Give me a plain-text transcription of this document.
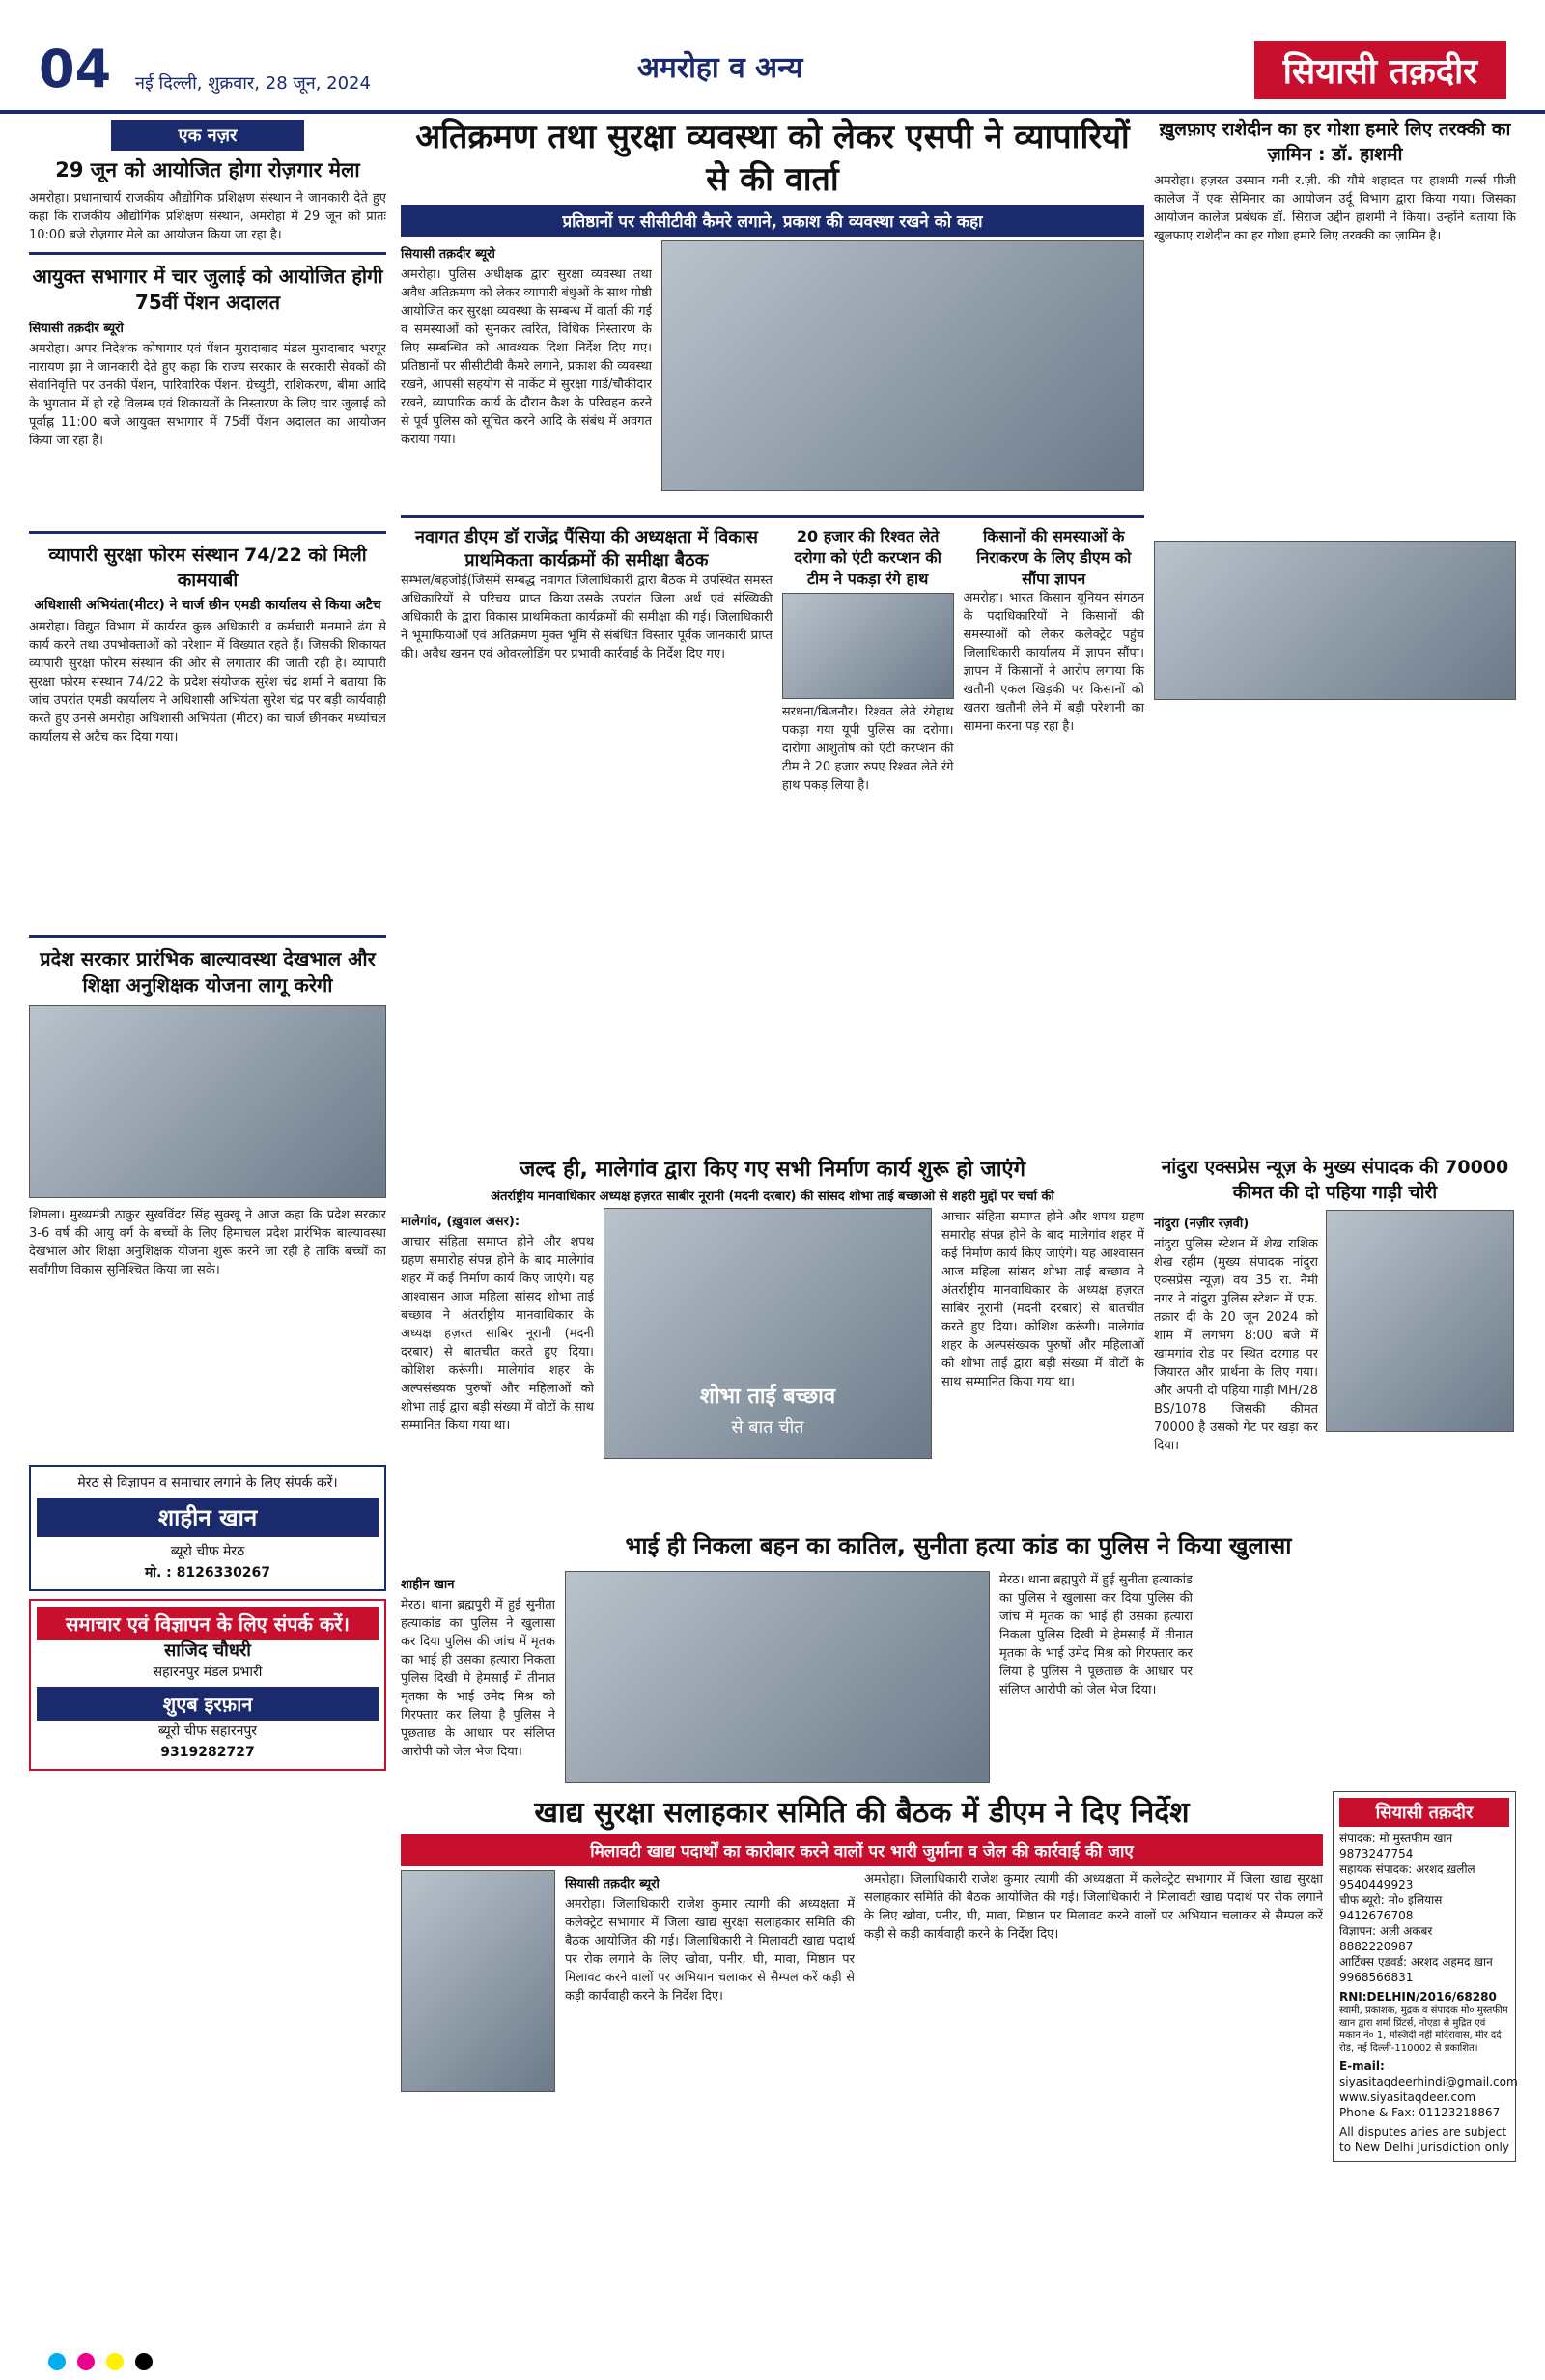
04 नई दिल्ली, शुक्रवार, 28 जून, 2024	अमरोहा व अन्य	सियासी तक़दीर
एक नज़र
29 जून को आयोजित होगा रोज़गार मेला
अमरोहा। प्रधानाचार्य राजकीय औद्योगिक प्रशिक्षण संस्थान ने जानकारी देते हुए कहा कि राजकीय औद्योगिक प्रशिक्षण संस्थान, अमरोहा में 29 जून को प्रातः 10:00 बजे रोज़गार मेले का आयोजन किया जा रहा है।
आयुक्त सभागार में चार जुलाई को आयोजित होगी 75वीं पेंशन अदालत
सियासी तक़दीर ब्यूरो
अमरोहा। अपर निदेशक कोषागार एवं पेंशन मुरादाबाद मंडल मुरादाबाद भरपूर नारायण झा ने जानकारी देते हुए कहा कि राज्य सरकार के सरकारी सेवकों की सेवानिवृत्ति पर उनकी पेंशन, पारिवारिक पेंशन, ग्रेच्युटी, राशिकरण, बीमा आदि के भुगतान में हो रहे विलम्ब एवं शिकायतों के निस्तारण के लिए चार जुलाई को पूर्वाह्न 11:00 बजे आयुक्त सभागार में 75वीं पेंशन अदालत का आयोजन किया जा रहा है।
व्यापारी सुरक्षा फोरम संस्थान 74/22 को मिली कामयाबी
अधिशासी अभियंता(मीटर) ने चार्ज छीन एमडी कार्यालय से किया अटैच
अमरोहा। विद्युत विभाग में कार्यरत कुछ अधिकारी व कर्मचारी मनमाने ढंग से कार्य करने तथा उपभोक्ताओं को परेशान में विख्यात रहते हैं। जिसकी शिकायत व्यापारी सुरक्षा फोरम संस्थान की ओर से लगातार की जाती रही है। व्यापारी सुरक्षा फोरम संस्थान 74/22 के प्रदेश संयोजक सुरेश चंद्र शर्मा ने बताया कि जांच उपरांत एमडी कार्यालय ने अधिशासी अभियंता सुरेश चंद्र पर बड़ी कार्यवाही करते हुए उनसे अमरोहा अधिशासी अभियंता (मीटर) का चार्ज छीनकर मध्यांचल कार्यालय से अटैच कर दिया गया।
प्रदेश सरकार प्रारंभिक बाल्यावस्था देखभाल और शिक्षा अनुशिक्षक योजना लागू करेगी
शिमला। मुख्यमंत्री ठाकुर सुखविंदर सिंह सुक्खू ने आज कहा कि प्रदेश सरकार 3-6 वर्ष की आयु वर्ग के बच्चों के लिए हिमाचल प्रदेश प्रारंभिक बाल्यावस्था देखभाल और शिक्षा अनुशिक्षक योजना शुरू करने जा रही है ताकि बच्चों का सर्वांगीण विकास सुनिश्चित किया जा सके।
मेरठ से विज्ञापन व समाचार लगाने के लिए संपर्क करें।
शाहीन खान
ब्यूरो चीफ मेरठ
मो. : 8126330267
समाचार एवं विज्ञापन के लिए संपर्क करें।
साजिद चौधरी
सहारनपुर मंडल प्रभारी
शुएब इरफ़ान
ब्यूरो चीफ सहारनपुर
9319282727
अतिक्रमण तथा सुरक्षा व्यवस्था को लेकर एसपी ने व्यापारियों से की वार्ता
प्रतिष्ठानों पर सीसीटीवी कैमरे लगाने, प्रकाश की व्यवस्था रखने को कहा
सियासी तक़दीर ब्यूरो
अमरोहा। पुलिस अधीक्षक द्वारा सुरक्षा व्यवस्था तथा अवैध अतिक्रमण को लेकर व्यापारी बंधुओं के साथ गोष्ठी आयोजित कर सुरक्षा व्यवस्था के सम्बन्ध में वार्ता की गई व समस्याओं को सुनकर त्वरित, विधिक निस्तारण के लिए सम्बन्धित को आवश्यक दिशा निर्देश दिए गए। प्रतिष्ठानों पर सीसीटीवी कैमरे लगाने, प्रकाश की व्यवस्था रखने, आपसी सहयोग से मार्केट में सुरक्षा गार्ड/चौकीदार रखने, व्यापारिक कार्य के दौरान कैश के परिवहन करने से पूर्व पुलिस को सूचित करने आदि के संबंध में अवगत कराया गया।
नवागत डीएम डॉ राजेंद्र पैंसिया की अध्यक्षता में विकास प्राथमिकता कार्यक्रमों की समीक्षा बैठक
सम्भल/बहजोई(जिसमें सम्बद्ध नवागत जिलाधिकारी द्वारा बैठक में उपस्थित समस्त अधिकारियों से परिचय प्राप्त किया।उसके उपरांत जिला अर्थ एवं संख्यिकी अधिकारी के द्वारा विकास प्राथमिकता कार्यक्रमों की समीक्षा की गई। जिलाधिकारी ने भूमाफियाओं एवं अतिक्रमण मुक्त भूमि से संबंधित विस्तार पूर्वक जानकारी प्राप्त की। अवैध खनन एवं ओवरलोडिंग पर प्रभावी कार्रवाई के निर्देश दिए गए।
20 हजार की रिश्वत लेते दरोगा को एंटी करप्शन की टीम ने पकड़ा रंगे हाथ
सरधना/बिजनौर। रिश्वत लेते रंगेहाथ पकड़ा गया यूपी पुलिस का दरोगा। दारोगा आशुतोष को एंटी करप्शन की टीम ने 20 हजार रुपए रिश्वत लेते रंगे हाथ पकड़ लिया है।
किसानों की समस्याओं के निराकरण के लिए डीएम को सौंपा ज्ञापन
अमरोहा। भारत किसान यूनियन संगठन के पदाधिकारियों ने किसानों की समस्याओं को लेकर कलेक्ट्रेट पहुंच जिलाधिकारी कार्यालय में ज्ञापन सौंपा। ज्ञापन में किसानों ने आरोप लगाया कि खतौनी एकल खिड़की पर किसानों को खतरा खतौनी लेने में बड़ी परेशानी का सामना करना पड़ रहा है।
जल्द ही, मालेगांव द्वारा किए गए सभी निर्माण कार्य शुरू हो जाएंगे
अंतर्राष्ट्रीय मानवाधिकार अध्यक्ष हज़रत साबीर नूरानी (मदनी दरबार) की सांसद शोभा ताई बच्छाओ से शहरी मुद्दों पर चर्चा की
मालेगांव, (ख़ुवाल असर):
आचार संहिता समाप्त होने और शपथ ग्रहण समारोह संपन्न होने के बाद मालेगांव शहर में कई निर्माण कार्य किए जाएंगे। यह आश्वासन आज महिला सांसद शोभा ताई बच्छाव ने अंतर्राष्ट्रीय मानवाधिकार के अध्यक्ष हज़रत साबिर नूरानी (मदनी दरबार) से बातचीत करते हुए दिया। कोशिश करूंगी। मालेगांव शहर के अल्पसंख्यक पुरुषों और महिलाओं को शोभा ताई द्वारा बड़ी संख्या में वोटों के साथ सम्मानित किया गया था।
शोभा ताई बच्छाव
से बात चीत
आचार संहिता समाप्त होने और शपथ ग्रहण समारोह संपन्न होने के बाद मालेगांव शहर में कई निर्माण कार्य किए जाएंगे। यह आश्वासन आज महिला सांसद शोभा ताई बच्छाव ने अंतर्राष्ट्रीय मानवाधिकार के अध्यक्ष हज़रत साबिर नूरानी (मदनी दरबार) से बातचीत करते हुए दिया। कोशिश करूंगी। मालेगांव शहर के अल्पसंख्यक पुरुषों और महिलाओं को शोभा ताई द्वारा बड़ी संख्या में वोटों के साथ सम्मानित किया गया था।
नांदुरा एक्सप्रेस न्यूज़ के मुख्य संपादक की 70000 कीमत की दो पहिया गाड़ी चोरी
नांदुरा (नज़ीर रज़वी)
नांदुरा पुलिस स्टेशन में शेख राशिक शेख रहीम (मुख्य संपादक नांदुरा एक्सप्रेस न्यूज़) वय 35 रा. नैमी नगर ने नांदुरा पुलिस स्टेशन में एफ. तक्रार दी के 20 जून 2024 को शाम में लगभग 8:00 बजे में खामगांव रोड पर स्थित दरगाह पर जियारत और प्रार्थना के लिए गया। और अपनी दो पहिया गाड़ी MH/28 BS/1078 जिसकी कीमत 70000 है उसको गेट पर खड़ा कर दिया।
भाई ही निकला बहन का कातिल, सुनीता हत्या कांड का पुलिस ने किया खुलासा
शाहीन खान
मेरठ। थाना ब्रह्मपुरी में हुई सुनीता हत्याकांड का पुलिस ने खुलासा कर दिया पुलिस की जांच में मृतक का भाई ही उसका हत्यारा निकला पुलिस दिखी मे हेमसाईं में तीनात मृतका के भाई उमेद मिश्र को गिरफ्तार कर लिया है पुलिस ने पूछताछ के आधार पर संलिप्त आरोपी को जेल भेज दिया।
मेरठ। थाना ब्रह्मपुरी में हुई सुनीता हत्याकांड का पुलिस ने खुलासा कर दिया पुलिस की जांच में मृतक का भाई ही उसका हत्यारा निकला पुलिस दिखी मे हेमसाईं में तीनात मृतका के भाई उमेद मिश्र को गिरफ्तार कर लिया है पुलिस ने पूछताछ के आधार पर संलिप्त आरोपी को जेल भेज दिया।
सियासी तक़दीर
संपादक: मो मुस्तफीम खान 9873247754
सहायक संपादक: अरशद ख़लील 9540449923
चीफ ब्यूरो: मो० इलियास 9412676708
विज्ञापन: अली अकबर 8882220987
आर्टिक्स एडवर्ड: अरशद अहमद ख़ान 9968566831
RNI:DELHIN/2016/68280
स्वामी, प्रकाशक, मुद्रक व संपादक मो० मुस्तफीम खान द्वारा शर्मा प्रिंटर्स, नोएडा से मुद्रित एवं मकान नं० 1, मस्जिदी नहीं मदिरावास, मीर दर्द रोड, नई दिल्ली-110002 से प्रकाशित।
E-mail:
siyasitaqdeerhindi@gmail.com
www.siyasitaqdeer.com
Phone & Fax: 01123218867
All disputes aries are subject to New Delhi Jurisdiction only
खाद्य सुरक्षा सलाहकार समिति की बैठक में डीएम ने दिए निर्देश
मिलावटी खाद्य पदार्थों का कारोबार करने वालों पर भारी जुर्माना व जेल की कार्रवाई की जाए
सियासी तक़दीर ब्यूरो
अमरोहा। जिलाधिकारी राजेश कुमार त्यागी की अध्यक्षता में कलेक्ट्रेट सभागार में जिला खाद्य सुरक्षा सलाहकार समिति की बैठक आयोजित की गई। जिलाधिकारी ने मिलावटी खाद्य पदार्थ पर रोक लगाने के लिए खोवा, पनीर, घी, मावा, मिष्ठान पर मिलावट करने वालों पर अभियान चलाकर से सैम्पल करें कड़ी से कड़ी कार्यवाही करने के निर्देश दिए।
अमरोहा। जिलाधिकारी राजेश कुमार त्यागी की अध्यक्षता में कलेक्ट्रेट सभागार में जिला खाद्य सुरक्षा सलाहकार समिति की बैठक आयोजित की गई। जिलाधिकारी ने मिलावटी खाद्य पदार्थ पर रोक लगाने के लिए खोवा, पनीर, घी, मावा, मिष्ठान पर मिलावट करने वालों पर अभियान चलाकर से सैम्पल करें कड़ी से कड़ी कार्यवाही करने के निर्देश दिए।
ख़ुलफ़ाए राशेदीन का हर गोशा हमारे लिए तरक्की का ज़ामिन : डॉ. हाशमी
अमरोहा। हज़रत उस्मान गनी र.ज़ी. की यौमे शहादत पर हाशमी गर्ल्स पीजी कालेज में एक सेमिनार का आयोजन उर्दू विभाग द्वारा किया गया। जिसका आयोजन कालेज प्रबंधक डॉ. सिराज उद्दीन हाशमी ने किया। उन्होंने बताया कि खुलफाए राशेदीन का हर गोशा हमारे लिए तरक्की का ज़ामिन है।
